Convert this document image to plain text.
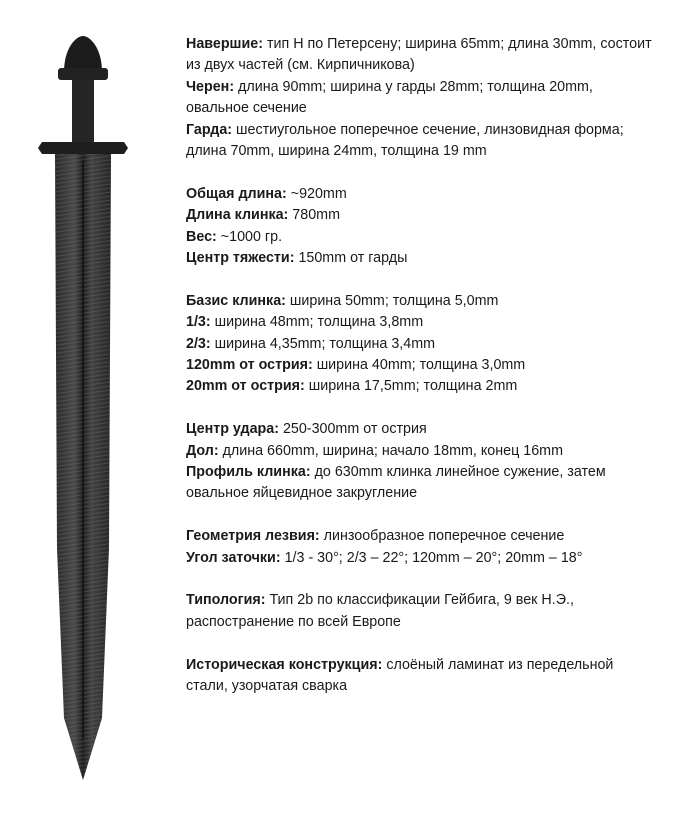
Навершие: тип H по Петерсену; ширина 65mm; длина 30mm, состоит из двух частей (см. Кирпичникова)

Черен: длина 90mm; ширина у гарды 28mm; толщина 20mm, овальное сечение

Гарда: шестиугольное поперечное сечение, линзовидная форма; длина 70mm, ширина 24mm, толщина 19 mm

Общая длина: ~920mm

Длина клинка: 780mm

Вес: ~1000 гр.

Центр тяжести: 150mm от гарды

Базис клинка: ширина 50mm; толщина 5,0mm

1/3: ширина 48mm; толщина 3,8mm

2/3: ширина 4,35mm; толщина 3,4mm

120mm от острия: ширина 40mm; толщина 3,0mm

20mm от острия: ширина 17,5mm; толщина 2mm

Центр удара: 250-300mm от острия

Дол: длина 660mm, ширина; начало 18mm, конец 16mm

Профиль клинка: до 630mm клинка линейное сужение, затем овальное яйцевидное закругление

Геометрия лезвия: линзообразное поперечное сечение

Угол заточки: 1/3 - 30°; 2/3 – 22°; 120mm – 20°; 20mm – 18°

Типология: Тип 2b по классификации Гейбига, 9 век Н.Э., распостранение по всей Европе

Историческая конструкция: слоёный ламинат из передельной стали, узорчатая сварка
